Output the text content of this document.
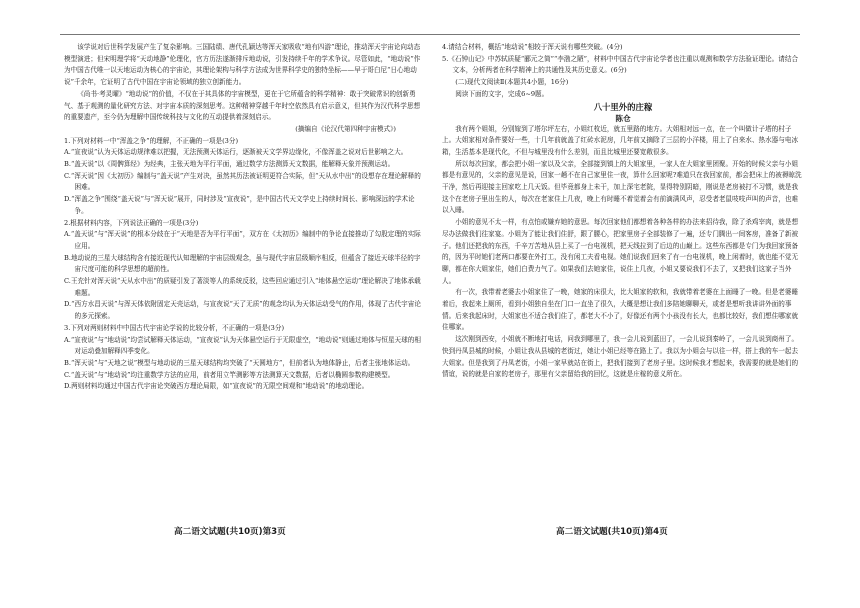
该学说对后世科学发展产生了复杂影响。三国陆绩、唐代孔颖达等浑天家吸收“地有四游”理论，推动浑天宇宙论向动态模型演进；但宋明理学将“天动地静”伦理化，官方历法遂渐排斥地动说，引发持续千年的学术争议。尽管如此，“地动说”作为中国古代唯一以天地运动为核心的宇宙论，其理论架构与科学方法成为世界科学史的独特坐标——早于哥白尼“日心地动说”千余年，它证明了古代中国在宇宙论领域的独立创新能力。

《尚书·考灵曜》“地动说”的价值，不仅在于其具体的宇宙模型，更在于它所蕴含的科学精神：敢于突破常识的创新勇气、基于观测的量化研究方法、对宇宙本质的深刻思考。这种精神穿越千年时空依然具有启示意义，但其作为汉代科学思想的重要遗产，至今仍为理解中国传统科技与文化的互动提供着深刻启示。

(摘编自《论汉代第四种宇宙模式》)

1.下列对材料一中“浑盖之争”的理解，不正确的一项是(3分)

A.“宣夜说”认为天体运动规律难以把握，无法预测天体运行，逐渐被天文学界边缘化，不像浑盖之说对后世影响之大。

B.“盖天说”以《周髀算经》为经典，主张天地为平行平面，通过数学方法测算天文数据，能解释天象并预测运动。

C.“浑天说”因《太初历》编制与“盖天说”产生对决，虽然其历法被证明更符合实际，但“天从水中出”的设想存在理论解释的困难。

D.“浑盖之争”围绕“盖天说”与“浑天说”展开，同时涉及“宣夜说”，是中国古代天文学史上持续时间长、影响深远的学术论争。

2.根据材料内容，下列说法正确的一项是(3分)

A.“盖天说”与“浑天说”的根本分歧在于“天地是否为平行平面”，双方在《太初历》编制中的争论直接推动了勾股定理的实际应用。

B.地动说的三星大球结构含有接近现代认知理解的宇宙层级观念，虽与现代宇宙层级顺序相反，但蕴含了接近天球半径的宇宙尺度可能的科学思想的超前性。

C.王充针对浑天说“天从水中出”的质疑引发了著淡等人的系统反驳，这些回应通过引入“地体悬空运动”理论解决了地体承载难题。

D.“西方水昌天说”与浑天体依附固定天壳运动，与宣夜说“天了无质”的观念均认为天体运动受气的作用，体现了古代宇宙论的多元探索。

3.下列对两则材料中中国古代宇宙论学说的比较分析，不正确的一项是(3分)

A.“宣夜说”与“地动说”均尝试解释天体运动，“宣夜说”认为天体悬空运行于无限虚空，“地动说”则通过地体与恒星天球的相对运动叠加解释四季变化。

B.“浑天说”与“天地之说”模型与地动说的三星天球结构均突破了“天圆地方”，但前者认为地体静止，后者主张地体运动。

C.“盖天说”与“地动说”均注重数学方法的应用，前者用立竿测影等方法测算天文数据，后者以椭圆参数构建模型。

D.两则材料均通过中国古代宇宙论突破西方理论局限，如“宣夜说”的无限空间观和“地动说”的地动理论。

4.请结合材料，概括“地动说”相较于浑天说有哪些突破。(4分)

5.《石钟山记》中苏轼质疑“郦元之简”“李渤之陋”，材料中中国古代宇宙论学者也注重以观测和数学方法验证理论。请结合文本，分析两者在科学精神上的共通性及其历史意义。(6分)

(二)现代文阅读Ⅱ(本题共4小题，16分)

阅读下面的文字，完成6~9题。

八十里外的庄稼

陈仓

我有两个姐姐，分别嫁到了塔尔坪左右，小姐红枚近，就五里路的地方。大姐相对远一点，在一个叫做计子塔的村子上。大姐家相对条件要好一些，十几年前就盖了红砖水泥房，几年前又摘除了三层的小洋楼，用上了自来水、热水器与电冰箱，生活基本是现代化，不但与城里没有什么差别，而且比城里还要宽敞很多。

所以每次回家，都会把小姐一家以及父亲，全部接到镇上的大姐家里，一家人在大姐家里团聚。开始的时候父亲与小姐都是有意见的，父亲的意见是说，回家一趟不在自己家里住一夜，算什么回家呢?难道只在我回家前，都会把床上的被褥晾洗干净，然后再迎接主回家吃上几天饭。但毕竟都身上未干，加上深宅老院，显得特别阴暗，刚说是老房被打不习惯，就是我这个在老房子里出生的人，每次在老家住上几夜，晚上有时睡不着觉着会有前滴满风声，忍受者老鼠吱吱声叫的声音，也难以入睡。

小姐的意见不太一样，有点怕或嫌弃她的意思。每次回家他们都想着各种各样的办法来招待我，除了杀鸡宰肉，就是想尽办法做我们往家宴。小姐为了能让我们住舒，跟了腰心，把家里房子全部装修了一遍，还专门腾出一间客房，准备了新被子。他们还把我的东西，千辛万苦地从县上买了一台电视机，把天线拉到了后边的山巅上。这些东西都是专门为我回家预备的，因为平时她们老两口都要在外打工，没有闲工夫看电视。她们说我们回来了有一台电视机，晚上闲着时，就也能不觉无聊，都在你大姐家住，她们白费力气了。如果我们去她家住，说住上几夜，小姐又要说我们不去了，又把我们这家子当外人。

有一次，我带着老婆去小姐家住了一晚，她家的床很大，比大姐家的软和，我就带着老婆在上面睡了一晚。但是老婆睡着后，我起来上厕所，看到小姐独自坐在门口一直坐了很久，大概是想让我们多陪她聊聊天，或者是想听我讲讲外面的事情。后来我起床时，大姐家也不适合我们住了，都老大不小了，好像还有两个小孩没有长大，也都比较好，我们想住哪家就住哪家。

这次刚到西安，小姐就不断地打电话，问我到哪里了，我一会儿说到蓝田了，一会儿说到秦岭了，一会儿说到商州了。快到丹凤县城的时候，小姐让我从县城的老街过，她让小姐已经等在路上了。我以为小姐会与以往一样，搭上我的车一起去大姐家。但是我到了丹凤老街，小姐一家早就站在街上，把我们接到了老房子里。这时候我才想起来，我需要的就是她们的情谊，说的就是自家的老房子，那里有父亲留给我的回忆，这就是庄稼的意义所在。

高二语文试题(共10页)第3页	高二语文试题(共10页)第4页
